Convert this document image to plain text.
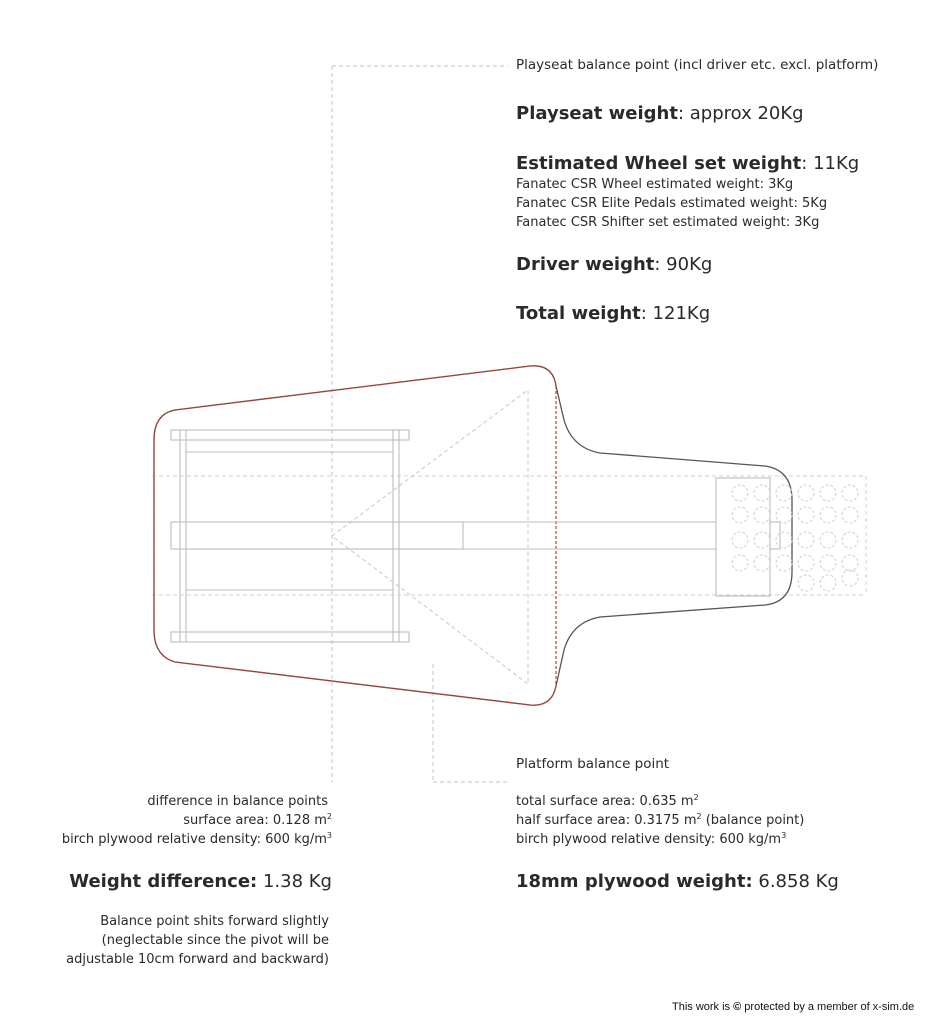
Playseat balance point (incl driver etc. excl. platform)
Playseat weight: approx 20Kg
Estimated Wheel set weight: 11Kg
Fanatec CSR Wheel estimated weight: 3Kg
Fanatec CSR Elite Pedals estimated weight: 5Kg
Fanatec CSR Shifter set estimated weight: 3Kg
Driver weight: 90Kg
Total weight: 121Kg
Platform balance point
total surface area: 0.635 $m^2$
half surface area: 0.3175 $m^2$ (balance point)
birch plywood relative density: 600 $kg/m^3$
18mm plywood weight: 6.858 Kg
difference in balance points
surface area: 0.128 $m^2$
birch plywood relative density: 600 $kg/m^3$
Weight difference: 1.38 Kg
Balance point shits forward slightly
(neglectable since the pivot will be
adjustable 10cm forward and backward)
This work is © protected by a member of x-sim.de
